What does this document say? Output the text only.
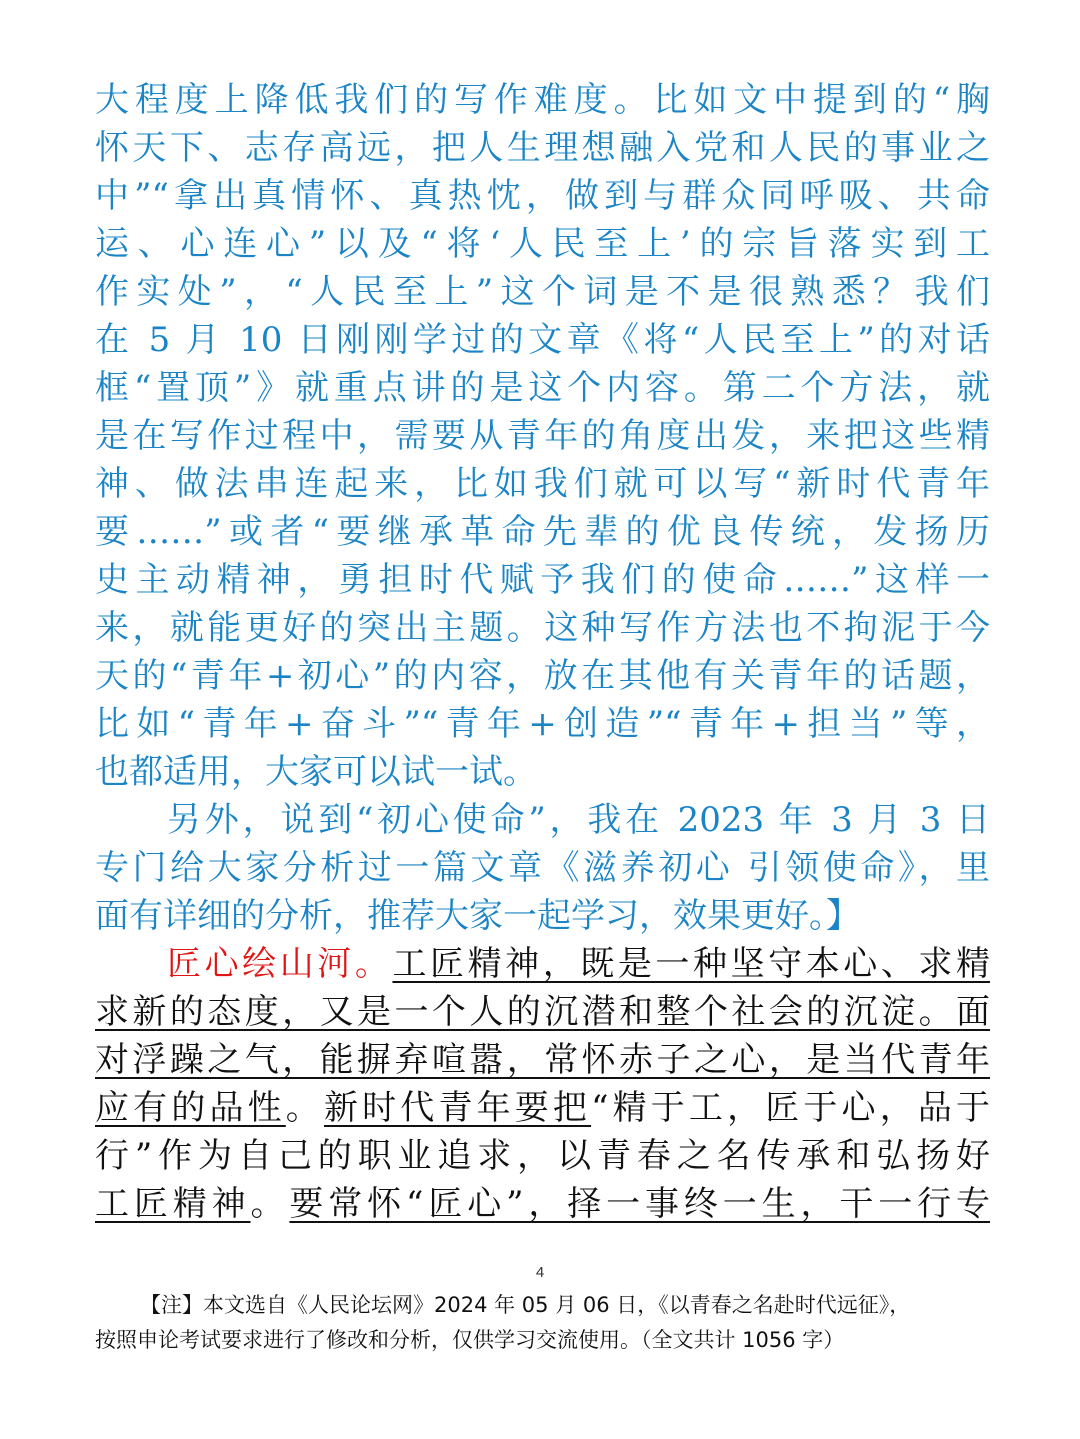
大程度上降低我们的写作难度。比如文中提到的“胸
怀天下、志存高远，把人生理想融入党和人民的事业之
中”“拿出真情怀、真热忱，做到与群众同呼吸、共命
运、心连心”以及“将‘人民至上’的宗旨落实到工
作实处”，“人民至上”这个词是不是很熟悉？我们
在 5 月 10 日刚刚学过的文章《将“人民至上”的对话
框“置顶”》就重点讲的是这个内容。第二个方法，就
是在写作过程中，需要从青年的角度出发，来把这些精
神、做法串连起来，比如我们就可以写“新时代青年
要……”或者“要继承革命先辈的优良传统，发扬历
史主动精神，勇担时代赋予我们的使命……”这样一
来，就能更好的突出主题。这种写作方法也不拘泥于今
天的“青年+初心”的内容，放在其他有关青年的话题，
比如“青年+奋斗”“青年+创造”“青年+担当”等，
也都适用，大家可以试一试。
另外，说到“初心使命”，我在 2023 年 3 月 3 日
专门给大家分析过一篇文章《滋养初心 引领使命》，里
面有详细的分析，推荐大家一起学习，效果更好。】
匠心绘山河。工匠精神，既是一种坚守本心、求精
求新的态度，又是一个人的沉潜和整个社会的沉淀。面
对浮躁之气，能摒弃喧嚣，常怀赤子之心，是当代青年
应有的品性。新时代青年要把“精于工，匠于心，品于
行”作为自己的职业追求，以青春之名传承和弘扬好
工匠精神。要常怀“匠心”，择一事终一生，干一行专
4
【注】本文选自《人民论坛网》2024 年 05 月 06 日，《以青春之名赴时代远征》，
按照申论考试要求进行了修改和分析，仅供学习交流使用。（全文共计 1056 字）
